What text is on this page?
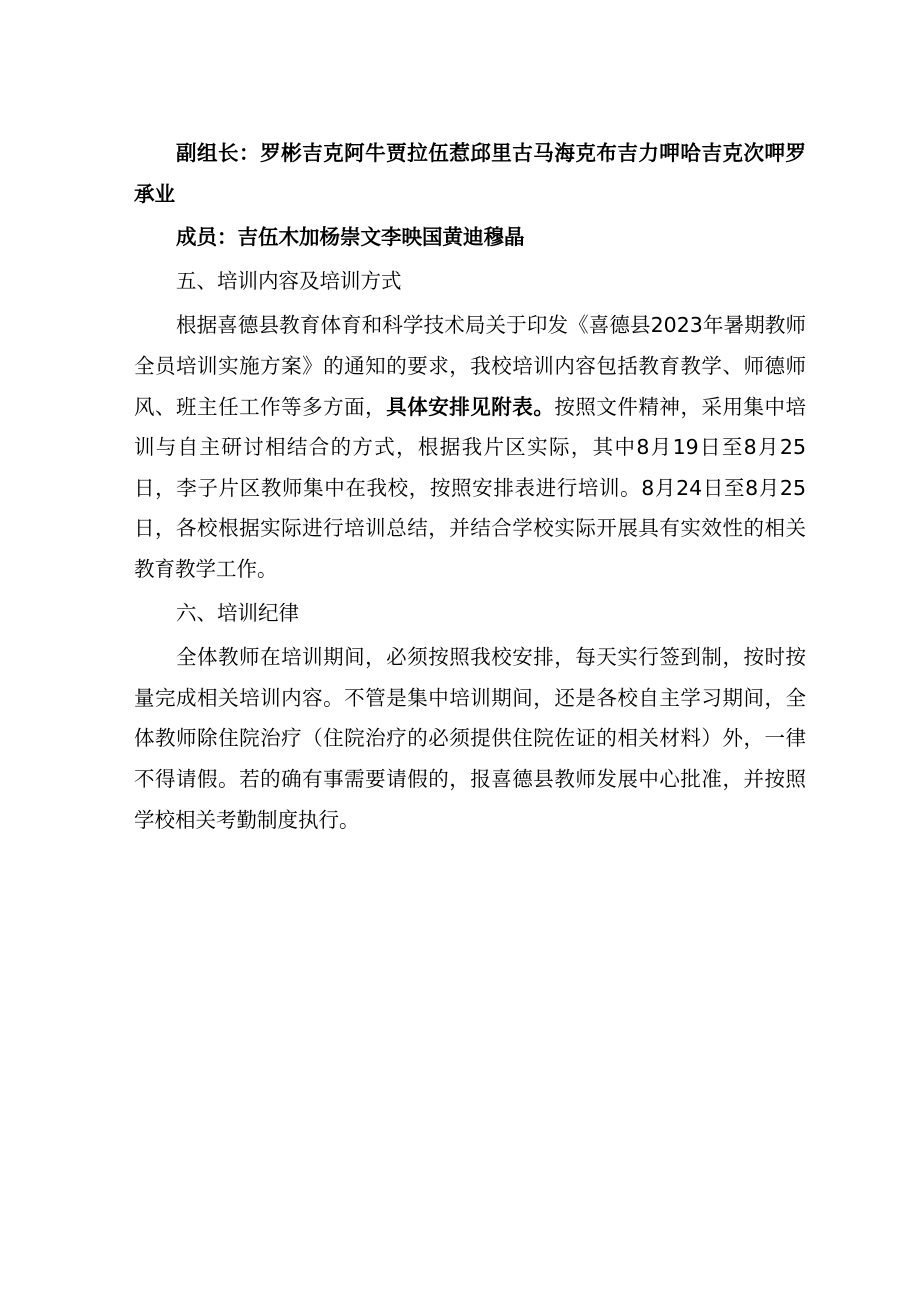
副组长：罗彬吉克阿牛贾拉伍惹邱里古马海克布吉力呷哈吉克次呷罗承业

成员：吉伍木加杨崇文李映国黄迪穆晶

五、培训内容及培训方式

根据喜德县教育体育和科学技术局关于印发《喜德县2023年暑期教师全员培训实施方案》的通知的要求，我校培训内容包括教育教学、师德师风、班主任工作等多方面，具体安排见附表。按照文件精神，采用集中培训与自主研讨相结合的方式，根据我片区实际，其中8月19日至8月25日，李子片区教师集中在我校，按照安排表进行培训。8月24日至8月25日，各校根据实际进行培训总结，并结合学校实际开展具有实效性的相关教育教学工作。

六、培训纪律

全体教师在培训期间，必须按照我校安排，每天实行签到制，按时按量完成相关培训内容。不管是集中培训期间，还是各校自主学习期间，全体教师除住院治疗（住院治疗的必须提供住院佐证的相关材料）外，一律不得请假。若的确有事需要请假的，报喜德县教师发展中心批准，并按照学校相关考勤制度执行。
